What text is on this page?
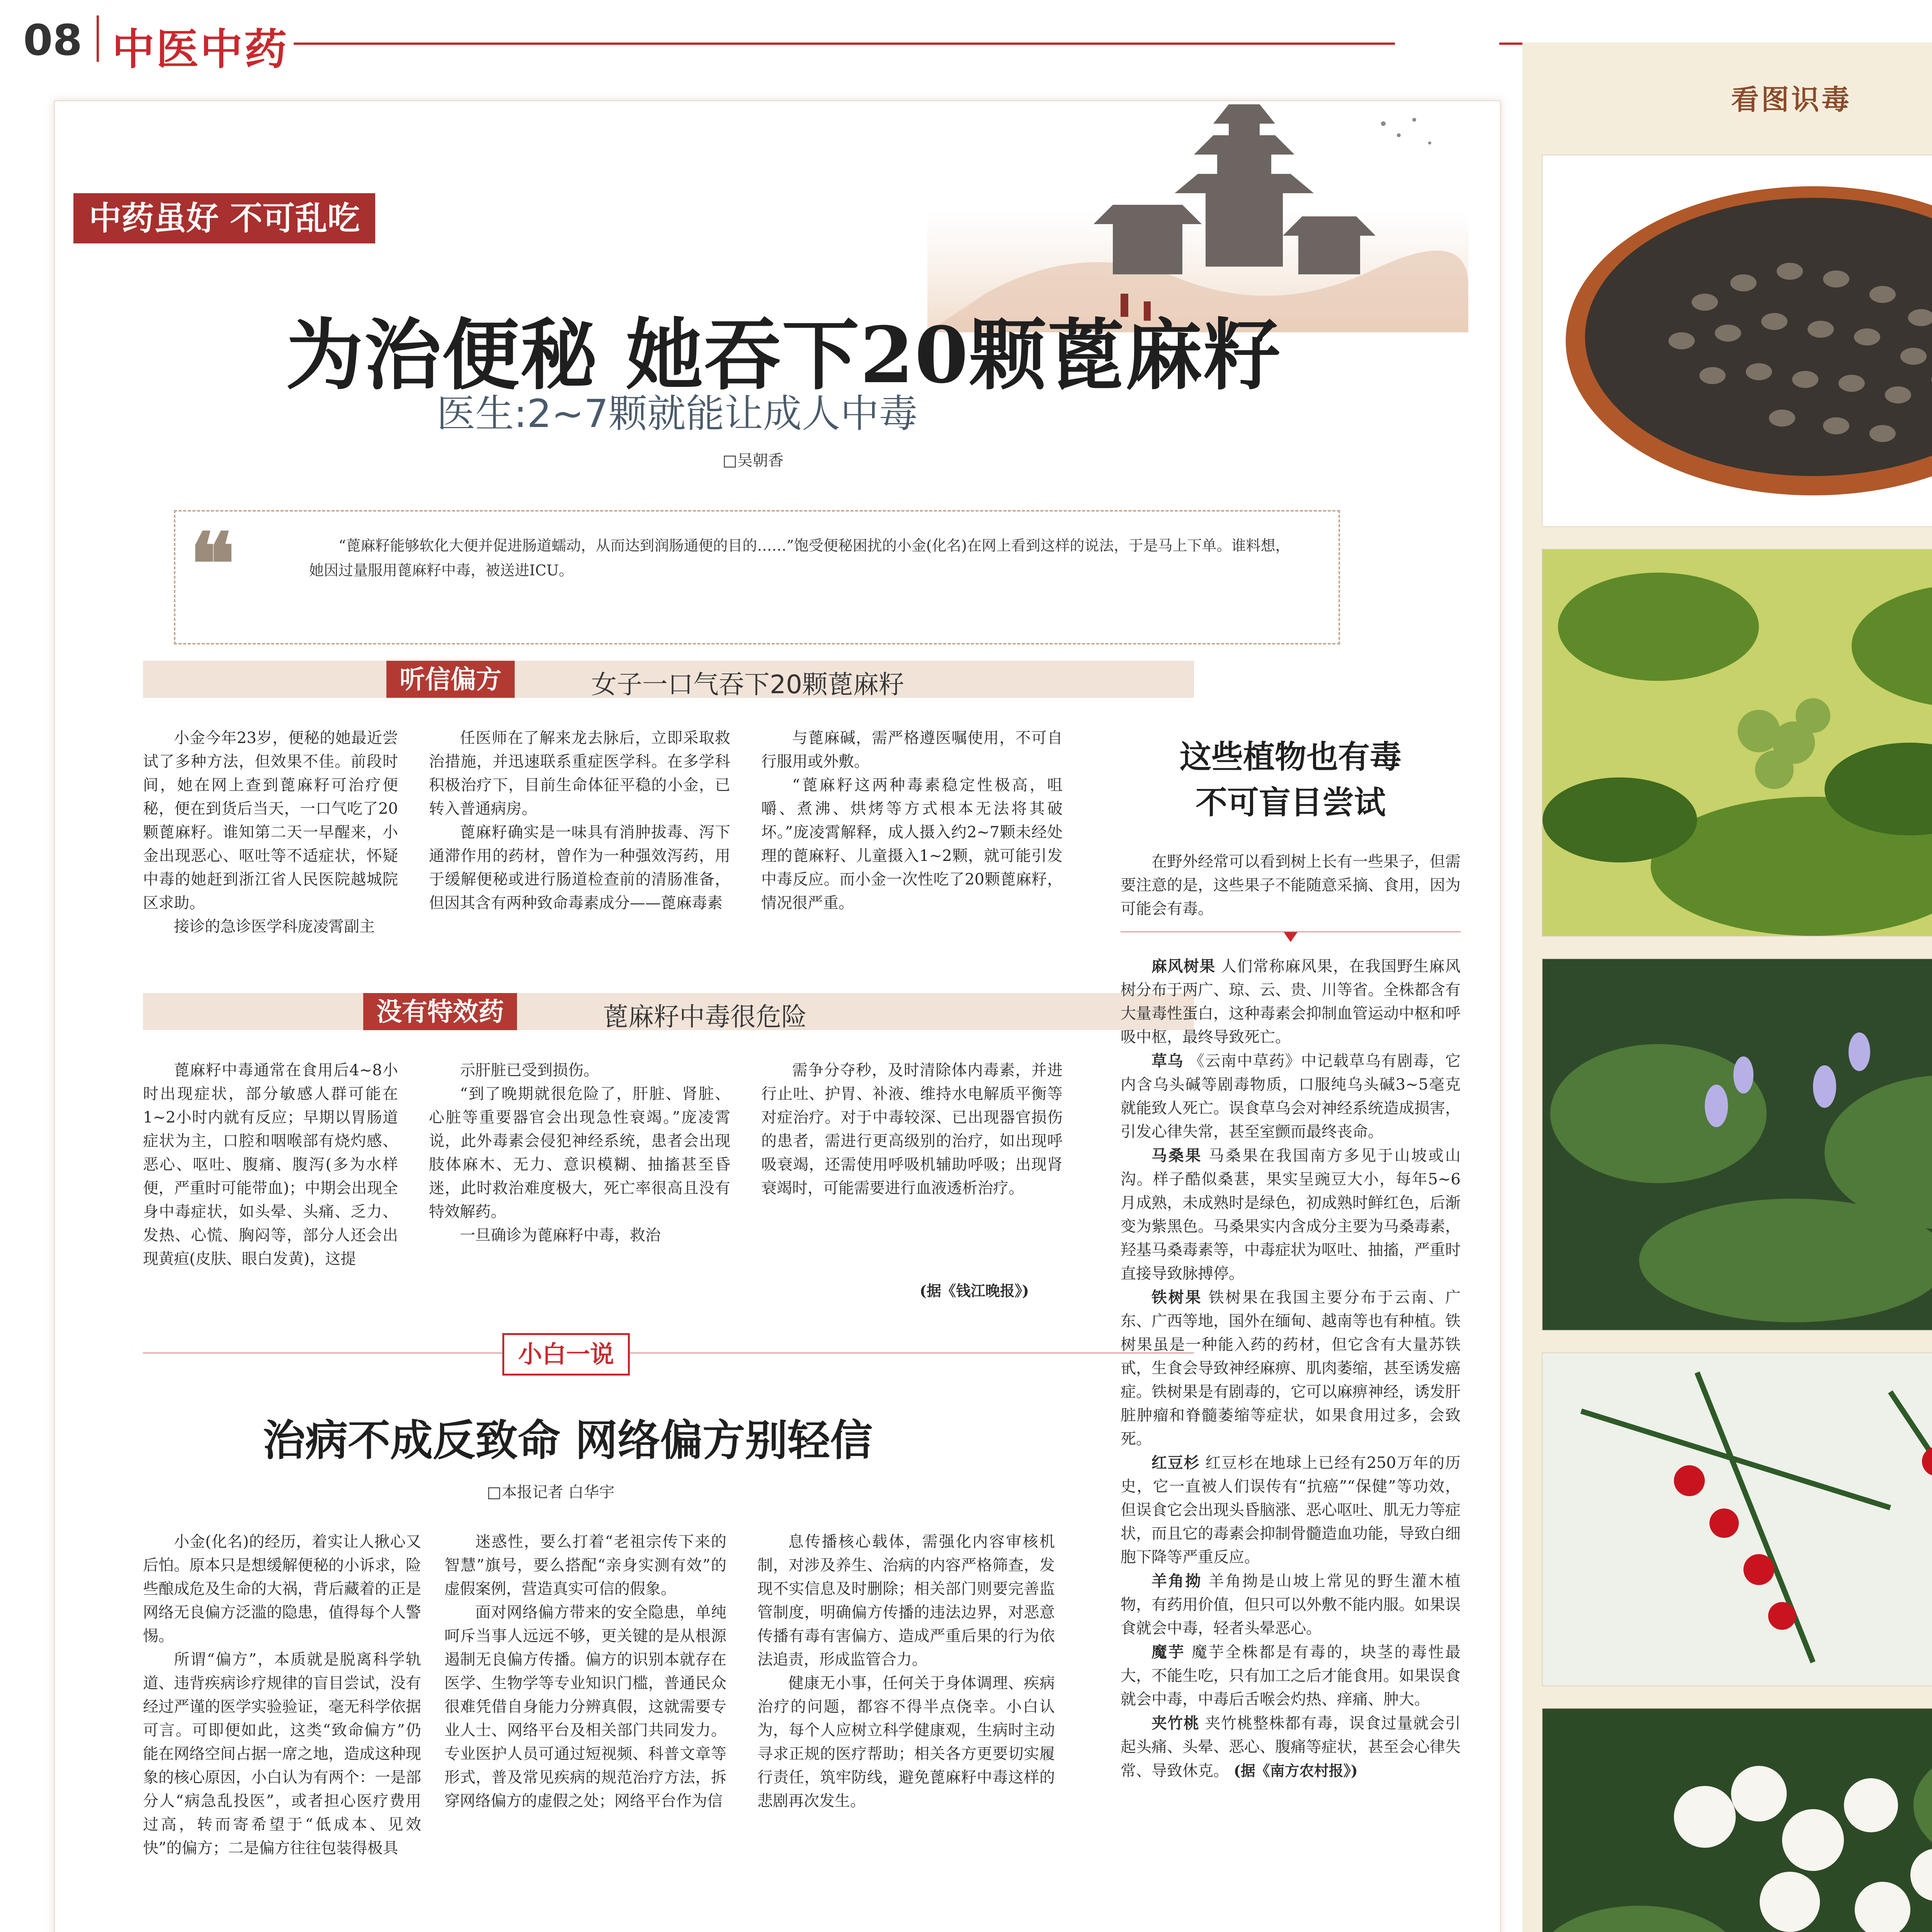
08 中医中药
中药虽好 不可乱吃
为治便秘 她吞下20颗蓖麻籽
医生:2~7颗就能让成人中毒
□吴朝香
❝	“蓖麻籽能够软化大便并促进肠道蠕动，从而达到润肠通便的目的……”饱受便秘困扰的小金(化名)在网上看到这样的说法，于是马上下单。谁料想，她因过量服用蓖麻籽中毒，被送进ICU。
听信偏方	女子一口气吞下20颗蓖麻籽

小金今年23岁，便秘的她最近尝试了多种方法，但效果不佳。前段时间，她在网上查到蓖麻籽可治疗便秘，便在到货后当天，一口气吃了20颗蓖麻籽。谁知第二天一早醒来，小金出现恶心、呕吐等不适症状，怀疑中毒的她赶到浙江省人民医院越城院区求助。

接诊的急诊医学科庞凌霄副主

任医师在了解来龙去脉后，立即采取救治措施，并迅速联系重症医学科。在多学科积极治疗下，目前生命体征平稳的小金，已转入普通病房。

蓖麻籽确实是一味具有消肿拔毒、泻下通滞作用的药材，曾作为一种强效泻药，用于缓解便秘或进行肠道检查前的清肠准备，但因其含有两种致命毒素成分——蓖麻毒素

与蓖麻碱，需严格遵医嘱使用，不可自行服用或外敷。

“蓖麻籽这两种毒素稳定性极高，咀嚼、煮沸、烘烤等方式根本无法将其破坏。”庞凌霄解释，成人摄入约2~7颗未经处理的蓖麻籽、儿童摄入1~2颗，就可能引发中毒反应。而小金一次性吃了20颗蓖麻籽，情况很严重。

没有特效药	蓖麻籽中毒很危险

蓖麻籽中毒通常在食用后4~8小时出现症状，部分敏感人群可能在1~2小时内就有反应；早期以胃肠道症状为主，口腔和咽喉部有烧灼感、恶心、呕吐、腹痛、腹泻(多为水样便，严重时可能带血)；中期会出现全身中毒症状，如头晕、头痛、乏力、发热、心慌、胸闷等，部分人还会出现黄疸(皮肤、眼白发黄)，这提

示肝脏已受到损伤。

“到了晚期就很危险了，肝脏、肾脏、心脏等重要器官会出现急性衰竭。”庞凌霄说，此外毒素会侵犯神经系统，患者会出现肢体麻木、无力、意识模糊、抽搐甚至昏迷，此时救治难度极大，死亡率很高且没有特效解药。

一旦确诊为蓖麻籽中毒，救治

需争分夺秒，及时清除体内毒素，并进行止吐、护胃、补液、维持水电解质平衡等对症治疗。对于中毒较深、已出现器官损伤的患者，需进行更高级别的治疗，如出现呼吸衰竭，还需使用呼吸机辅助呼吸；出现肾衰竭时，可能需要进行血液透析治疗。

(据《钱江晚报》)
小白一说
治病不成反致命 网络偏方别轻信
□本报记者 白华宇

小金(化名)的经历，着实让人揪心又后怕。原本只是想缓解便秘的小诉求，险些酿成危及生命的大祸，背后藏着的正是网络无良偏方泛滥的隐患，值得每个人警惕。

所谓“偏方”，本质就是脱离科学轨道、违背疾病诊疗规律的盲目尝试，没有经过严谨的医学实验验证，毫无科学依据可言。可即便如此，这类“致命偏方”仍能在网络空间占据一席之地，造成这种现象的核心原因，小白认为有两个：一是部分人“病急乱投医”，或者担心医疗费用过高，转而寄希望于“低成本、见效快”的偏方；二是偏方往往包装得极具

迷惑性，要么打着“老祖宗传下来的智慧”旗号，要么搭配“亲身实测有效”的虚假案例，营造真实可信的假象。

面对网络偏方带来的安全隐患，单纯呵斥当事人远远不够，更关键的是从根源遏制无良偏方传播。偏方的识别本就存在医学、生物学等专业知识门槛，普通民众很难凭借自身能力分辨真假，这就需要专业人士、网络平台及相关部门共同发力。专业医护人员可通过短视频、科普文章等形式，普及常见疾病的规范治疗方法，拆穿网络偏方的虚假之处；网络平台作为信

息传播核心载体，需强化内容审核机制，对涉及养生、治病的内容严格筛查，发现不实信息及时删除；相关部门则要完善监管制度，明确偏方传播的违法边界，对恶意传播有毒有害偏方、造成严重后果的行为依法追责，形成监管合力。

健康无小事，任何关于身体调理、疾病治疗的问题，都容不得半点侥幸。小白认为，每个人应树立科学健康观，生病时主动寻求正规的医疗帮助；相关各方更要切实履行责任，筑牢防线，避免蓖麻籽中毒这样的悲剧再次发生。

看图识毒
这些植物也有毒
不可盲目尝试

在野外经常可以看到树上长有一些果子，但需要注意的是，这些果子不能随意采摘、食用，因为可能会有毒。

麻风树果 人们常称麻风果，在我国野生麻风树分布于两广、琼、云、贵、川等省。全株都含有大量毒性蛋白，这种毒素会抑制血管运动中枢和呼吸中枢，最终导致死亡。

草乌 《云南中草药》中记载草乌有剧毒，它内含乌头碱等剧毒物质，口服纯乌头碱3~5毫克就能致人死亡。误食草乌会对神经系统造成损害，引发心律失常，甚至室颤而最终丧命。

马桑果 马桑果在我国南方多见于山坡或山沟。样子酷似桑葚，果实呈豌豆大小，每年5~6月成熟，未成熟时是绿色，初成熟时鲜红色，后渐变为紫黑色。马桑果实内含成分主要为马桑毒素，羟基马桑毒素等，中毒症状为呕吐、抽搐，严重时直接导致脉搏停。

铁树果 铁树果在我国主要分布于云南、广东、广西等地，国外在缅甸、越南等也有种植。铁树果虽是一种能入药的药材，但它含有大量苏铁甙，生食会导致神经麻痹、肌肉萎缩，甚至诱发癌症。铁树果是有剧毒的，它可以麻痹神经，诱发肝脏肿瘤和脊髓萎缩等症状，如果食用过多，会致死。

红豆杉 红豆杉在地球上已经有250万年的历史，它一直被人们误传有“抗癌”“保健”等功效，但误食它会出现头昏脑涨、恶心呕吐、肌无力等症状，而且它的毒素会抑制骨髓造血功能，导致白细胞下降等严重反应。

羊角拗 羊角拗是山坡上常见的野生灌木植物，有药用价值，但只可以外敷不能内服。如果误食就会中毒，轻者头晕恶心。

魔芋 魔芋全株都是有毒的，块茎的毒性最大，不能生吃，只有加工之后才能食用。如果误食就会中毒，中毒后舌喉会灼热、痒痛、肿大。

夹竹桃 夹竹桃整株都有毒，误食过量就会引起头痛、头晕、恶心、腹痛等症状，甚至会心律失常、导致休克。 (据《南方农村报》)
